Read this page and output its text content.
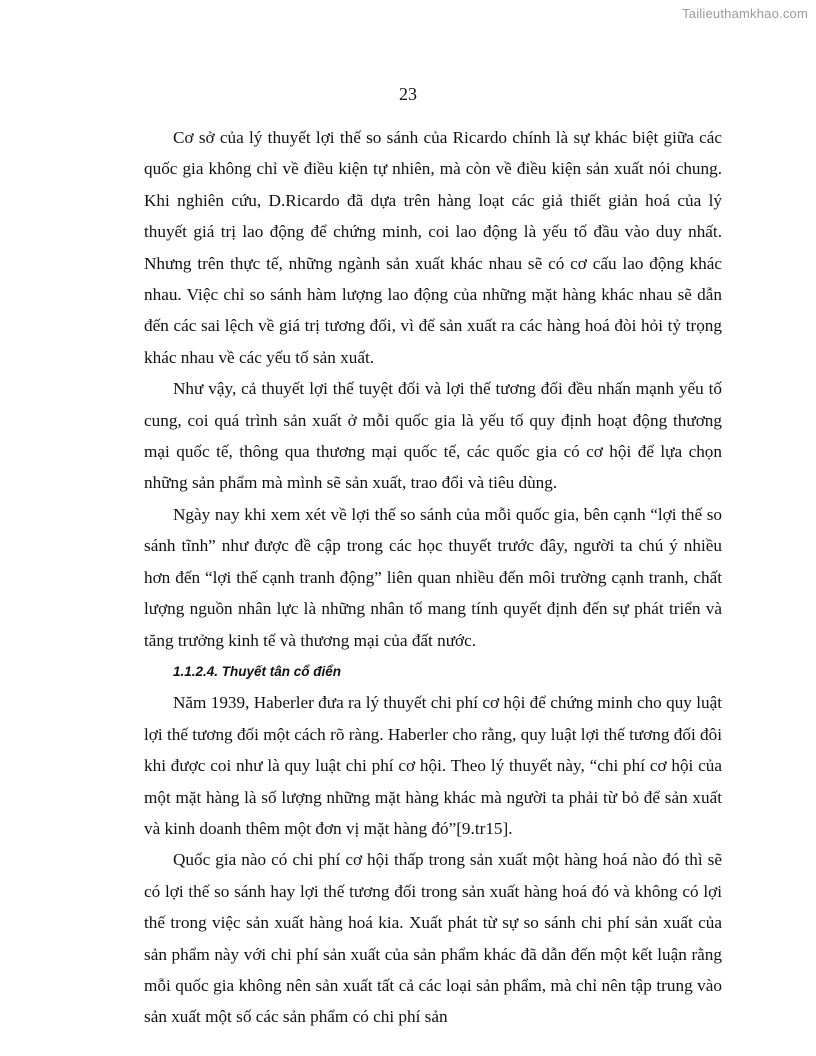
Tailieuthamkhao.com
23

Cơ sở của lý thuyết lợi thế so sánh của Ricardo chính là sự khác biệt giữa các quốc gia không chỉ về điều kiện tự nhiên, mà còn về điều kiện sản xuất nói chung. Khi nghiên cứu, D.Ricardo đã dựa trên hàng loạt các giả thiết giản hoá của lý thuyết giá trị lao động để chứng minh, coi lao động là yếu tố đầu vào duy nhất. Nhưng trên thực tế, những ngành sản xuất khác nhau sẽ có cơ cấu lao động khác nhau. Việc chỉ so sánh hàm lượng lao động của những mặt hàng khác nhau sẽ dẫn đến các sai lệch về giá trị tương đối, vì để sản xuất ra các hàng hoá đòi hỏi tỷ trọng khác nhau về các yếu tố sản xuất.

Như vậy, cả thuyết lợi thế tuyệt đối và lợi thế tương đối đều nhấn mạnh yếu tố cung, coi quá trình sản xuất ở mỗi quốc gia là yếu tố quy định hoạt động thương mại quốc tế, thông qua thương mại quốc tế, các quốc gia có cơ hội để lựa chọn những sản phẩm mà mình sẽ sản xuất, trao đổi và tiêu dùng.

Ngày nay khi xem xét về lợi thế so sánh của mỗi quốc gia, bên cạnh “lợi thế so sánh tĩnh” như được đề cập trong các học thuyết trước đây, người ta chú ý nhiều hơn đến “lợi thế cạnh tranh động” liên quan nhiều đến môi trường cạnh tranh, chất lượng nguồn nhân lực là những nhân tố mang tính quyết định đến sự phát triển và tăng trưởng kinh tế và thương mại của đất nước.

1.1.2.4. Thuyết tân cổ điển

Năm 1939, Haberler đưa ra lý thuyết chi phí cơ hội để chứng minh cho quy luật lợi thế tương đối một cách rõ ràng. Haberler cho rằng, quy luật lợi thế tương đối đôi khi được coi như là quy luật chi phí cơ hội. Theo lý thuyết này, “chi phí cơ hội của một mặt hàng là số lượng những mặt hàng khác mà người ta phải từ bỏ để sản xuất và kinh doanh thêm một đơn vị mặt hàng đó”[9.tr15].

Quốc gia nào có chi phí cơ hội thấp trong sản xuất một hàng hoá nào đó thì sẽ có lợi thế so sánh hay lợi thế tương đối trong sản xuất hàng hoá đó và không có lợi thế trong việc sản xuất hàng hoá kia. Xuất phát từ sự so sánh chi phí sản xuất của sản phẩm này với chi phí sản xuất của sản phẩm khác đã dẫn đến một kết luận rằng mỗi quốc gia không nên sản xuất tất cả các loại sản phẩm, mà chỉ nên tập trung vào sản xuất một số các sản phẩm có chi phí sản
